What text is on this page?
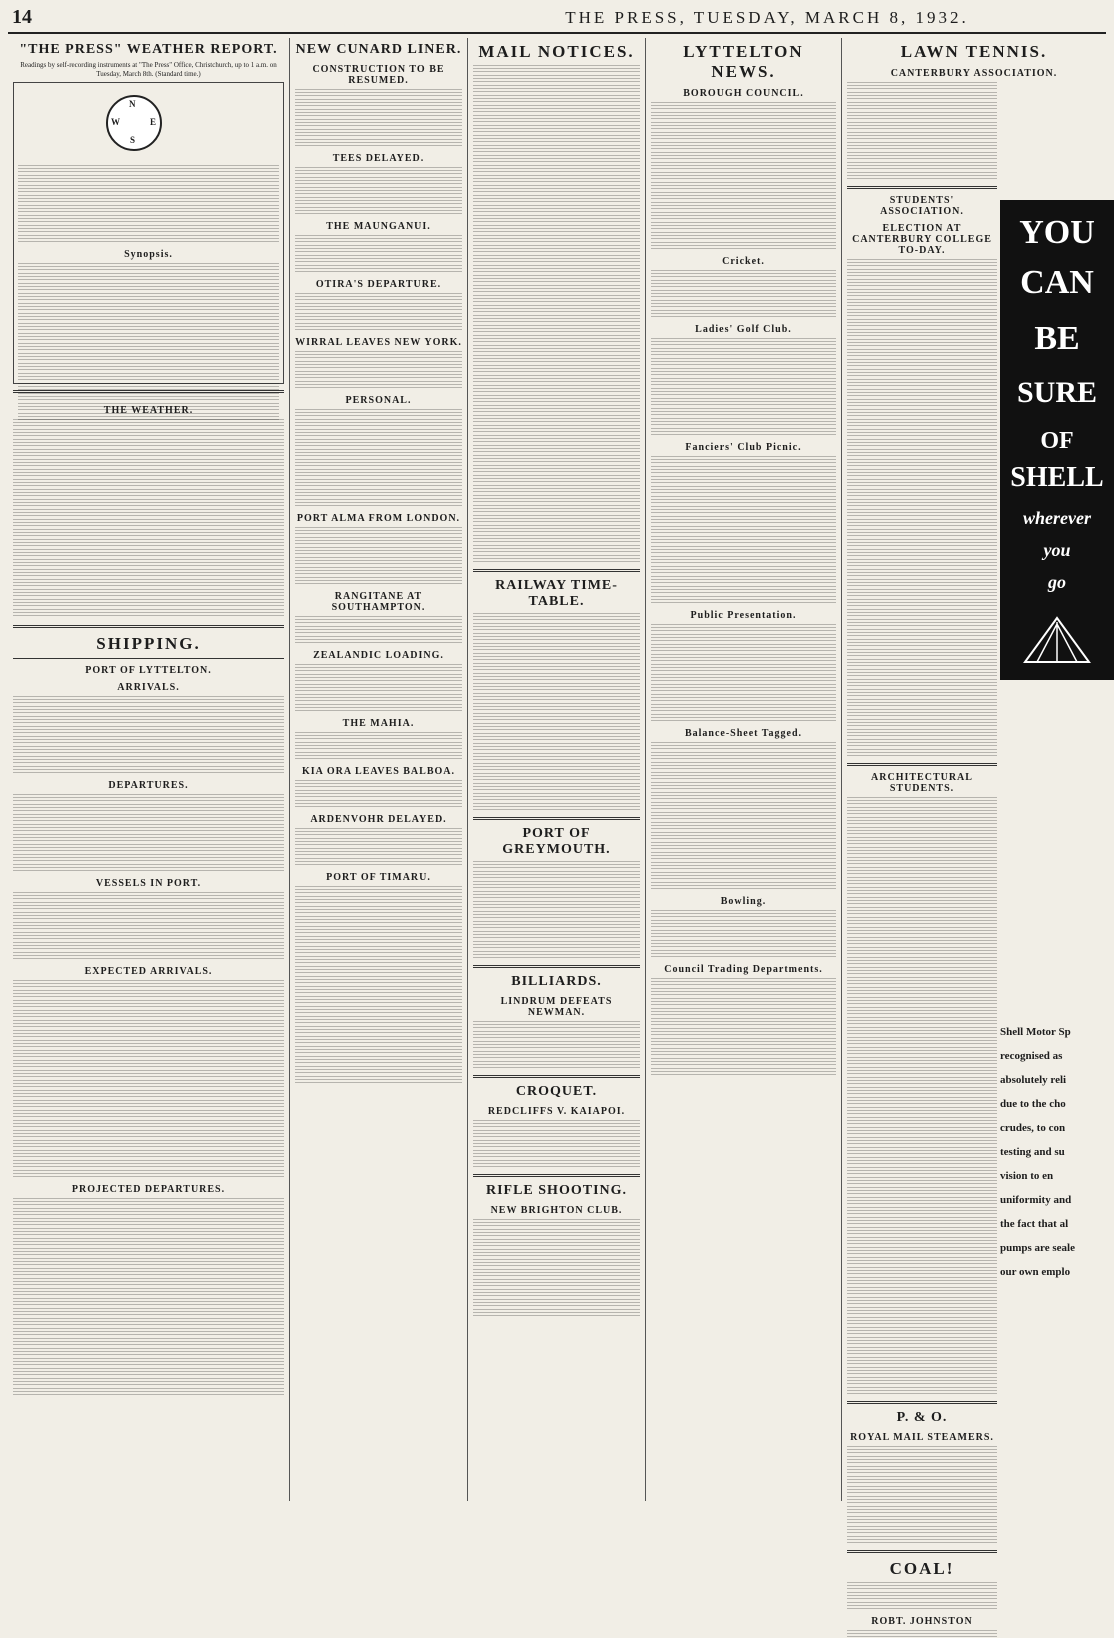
14	THE PRESS, TUESDAY, MARCH 8, 1932.
"THE PRESS" WEATHER REPORT.

Readings by self-recording instruments at "The Press" Office, Christchurch, up to 1 a.m. on Tuesday, March 8th. (Standard time.)

N
E
S
W
Synopsis.
THE WEATHER.
SHIPPING.
PORT OF LYTTELTON.
ARRIVALS.
DEPARTURES.
VESSELS IN PORT.
EXPECTED ARRIVALS.
PROJECTED DEPARTURES.
NEW CUNARD LINER.
CONSTRUCTION TO BE RESUMED.
TEES DELAYED.
THE MAUNGANUI.
OTIRA'S DEPARTURE.
WIRRAL LEAVES NEW YORK.
PERSONAL.
PORT ALMA FROM LONDON.
RANGITANE AT SOUTHAMPTON.
ZEALANDIC LOADING.
THE MAHIA.
KIA ORA LEAVES BALBOA.
ARDENVOHR DELAYED.
PORT OF TIMARU.
MAIL NOTICES.
RAILWAY TIME-TABLE.
PORT OF GREYMOUTH.
BILLIARDS.
LINDRUM DEFEATS NEWMAN.
CROQUET.
REDCLIFFS V. KAIAPOI.
RIFLE SHOOTING.
NEW BRIGHTON CLUB.
LYTTELTON NEWS.
BOROUGH COUNCIL.
Cricket.
Ladies' Golf Club.
Fanciers' Club Picnic.
Public Presentation.
Balance-Sheet Tagged.
Bowling.
Council Trading Departments.
LAWN TENNIS.
CANTERBURY ASSOCIATION.
STUDENTS' ASSOCIATION.
ELECTION AT CANTERBURY COLLEGE TO-DAY.
ARCHITECTURAL STUDENTS.
P. & O.
ROYAL MAIL STEAMERS.
COAL!
ROBT. JOHNSTON
YOU
CAN
BE
SURE
OF
SHELL
wherever
you
go
Shell Motor Sp
recognised as
absolutely reli
due to the cho
crudes, to con
testing and su
vision to en
uniformity and
the fact that al
pumps are seale
our own emplo
